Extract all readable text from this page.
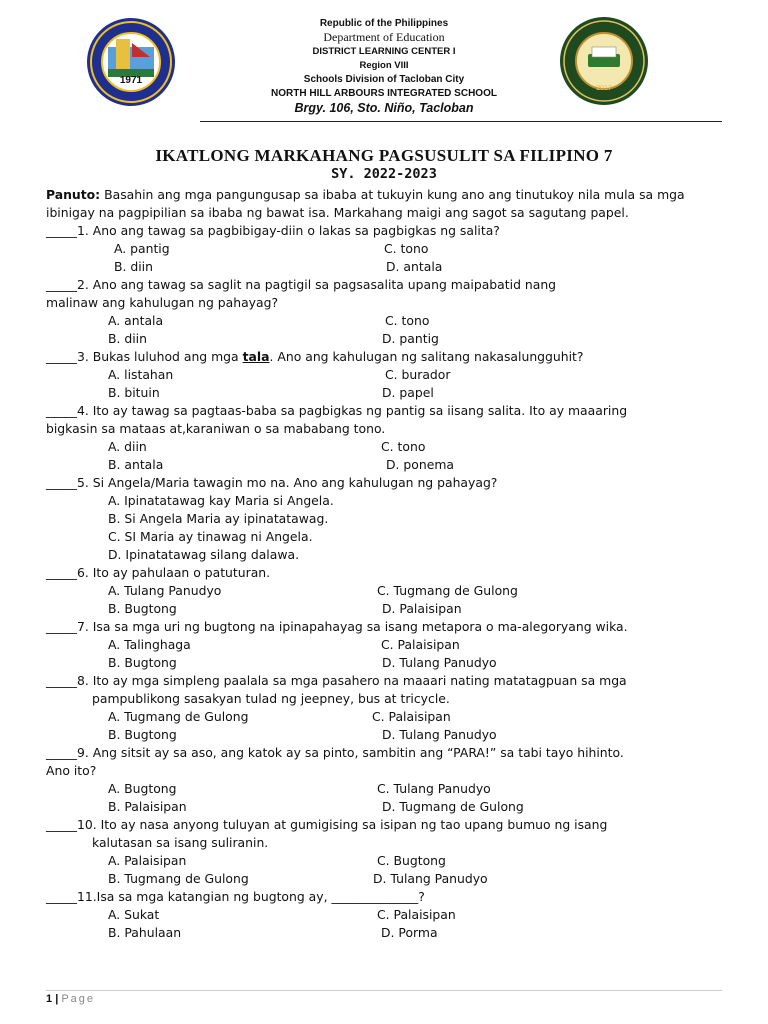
1971
Republic of the Philippines
Department of Education
DISTRICT LEARNING CENTER I
Region VIII
Schools Division of Tacloban City
NORTH HILL ARBOURS INTEGRATED SCHOOL
Brgy. 106, Sto. Niño, Tacloban
2017
IKATLONG MARKAHANG PAGSUSULIT SA FILIPINO 7
SY. 2022-2023
Panuto: Basahin ang mga pangungusap sa ibaba at tukuyin kung ano ang tinutukoy nila mula sa mga ibinigay na pagpipilian sa ibaba ng bawat isa. Markahang maigi ang sagot sa sagutang papel.
_____1. Ano ang tawag sa pagbibigay-diin o lakas sa pagbigkas ng salita?
A. pantig	C. tono
B. diin	D. antala
_____2. Ano ang tawag sa saglit na pagtigil sa pagsasalita upang maipabatid nang
malinaw ang kahulugan ng pahayag?
A. antala	C. tono
B. diin	D. pantig
_____3. Bukas luluhod ang mga tala. Ano ang kahulugan ng salitang nakasalungguhit?
A. listahan	C. burador
B. bituin	D. papel
_____4. Ito ay tawag sa pagtaas-baba sa pagbigkas ng pantig sa iisang salita. Ito ay maaaring
bigkasin sa mataas at,karaniwan o sa mababang tono.
A. diin	C. tono
B. antala	D. ponema
_____5. Si Angela/Maria tawagin mo na. Ano ang kahulugan ng pahayag?
A. Ipinatatawag kay Maria si Angela.
B. Si Angela Maria ay ipinatatawag.
C. SI Maria ay tinawag ni Angela.
D. Ipinatatawag silang dalawa.
_____6. Ito ay pahulaan o patuturan.
A. Tulang Panudyo	C. Tugmang de Gulong
B. Bugtong	D. Palaisipan
_____7. Isa sa mga uri ng bugtong na ipinapahayag sa isang metapora o ma-alegoryang wika.
A. Talinghaga	C. Palaisipan
B. Bugtong	D. Tulang Panudyo
_____8. Ito ay mga simpleng paalala sa mga pasahero na maaari nating matatagpuan sa mga
pampublikong sasakyan tulad ng jeepney, bus at tricycle.
A. Tugmang de Gulong	C. Palaisipan
B. Bugtong	D. Tulang Panudyo
_____9. Ang sitsit ay sa aso, ang katok ay sa pinto, sambitin ang “PARA!” sa tabi tayo hihinto.
Ano ito?
A. Bugtong	C. Tulang Panudyo
B. Palaisipan	D. Tugmang de Gulong
_____10. Ito ay nasa anyong tuluyan at gumigising sa isipan ng tao upang bumuo ng isang
kalutasan sa isang suliranin.
A. Palaisipan	C. Bugtong
B. Tugmang de Gulong	D. Tulang Panudyo
_____11.Isa sa mga katangian ng bugtong ay, ______________?
A. Sukat	C. Palaisipan
B. Pahulaan	D. Porma
1 | Page
